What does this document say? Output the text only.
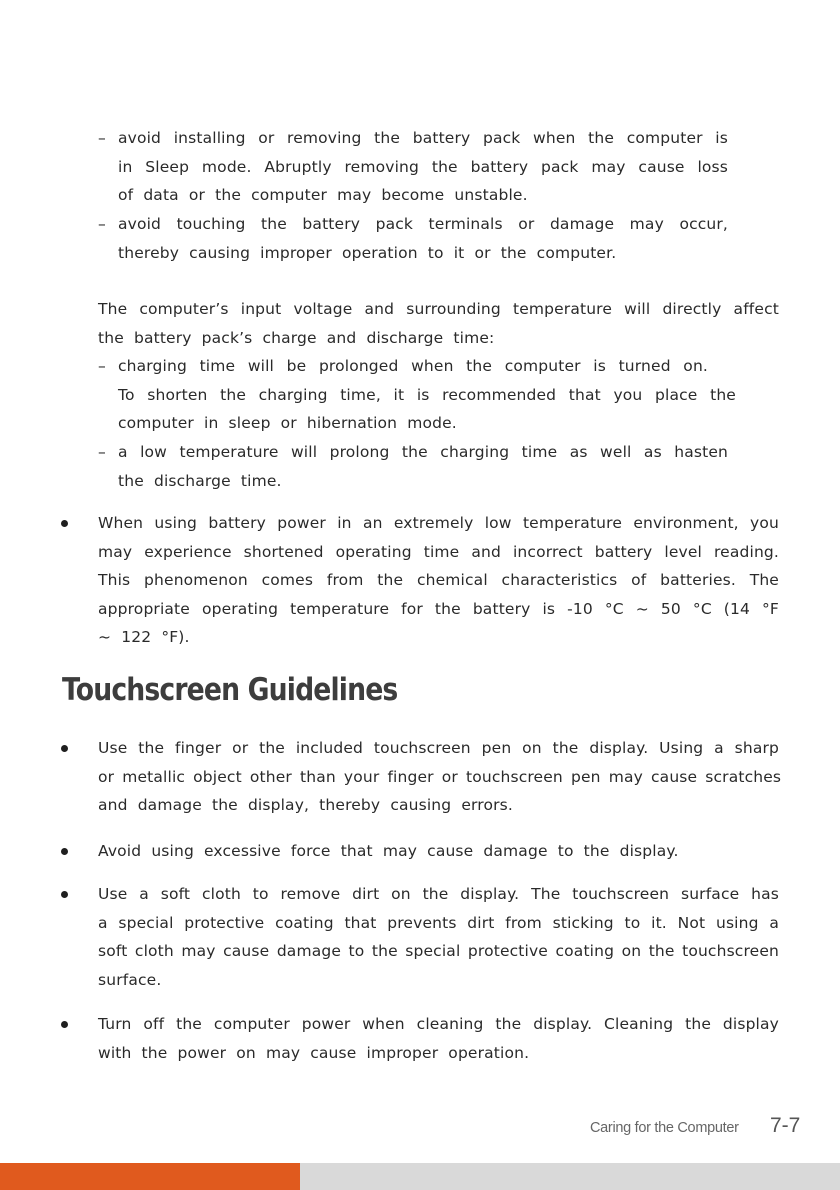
– avoid installing or removing the battery pack when the computer is
in Sleep mode. Abruptly removing the battery pack may cause loss
of data or the computer may become unstable.
– avoid touching the battery pack terminals or damage may occur,
thereby causing improper operation to it or the computer.
The computer’s input voltage and surrounding temperature will directly affect
the battery pack’s charge and discharge time:
– charging time will be prolonged when the computer is turned on.
To shorten the charging time, it is recommended that you place the
computer in sleep or hibernation mode.
– a low temperature will prolong the charging time as well as hasten
the discharge time.
When using battery power in an extremely low temperature environment, you
may experience shortened operating time and incorrect battery level reading.
This phenomenon comes from the chemical characteristics of batteries. The
appropriate operating temperature for the battery is -10 °C ~ 50 °C (14 °F
~ 122 °F).
Touchscreen Guidelines
Use the finger or the included touchscreen pen on the display. Using a sharp
or metallic object other than your finger or touchscreen pen may cause scratches
and damage the display, thereby causing errors.
Avoid using excessive force that may cause damage to the display.
Use a soft cloth to remove dirt on the display. The touchscreen surface has
a special protective coating that prevents dirt from sticking to it. Not using a
soft cloth may cause damage to the special protective coating on the touchscreen
surface.
Turn off the computer power when cleaning the display. Cleaning the display
with the power on may cause improper operation.
Caring for the Computer 7-7
